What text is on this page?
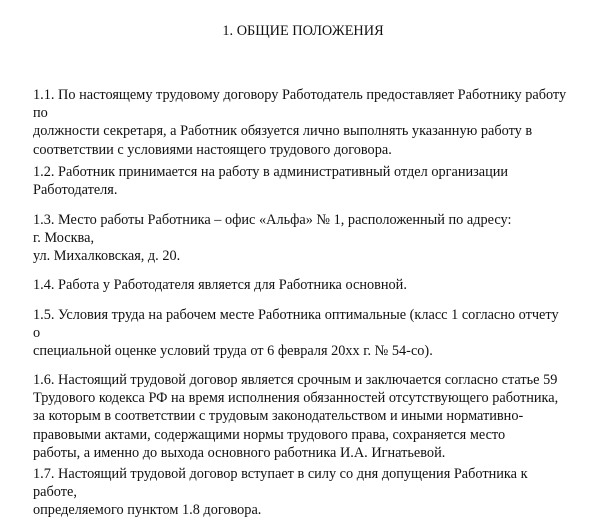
1. ОБЩИЕ ПОЛОЖЕНИЯ

1.1. По настоящему трудовому договору Работодатель предоставляет Работнику работу
по
должности секретаря, а Работник обязуется лично выполнять указанную работу в
соответствии с условиями настоящего трудового договора.

1.2. Работник принимается на работу в административный отдел организации
Работодателя.

1.3. Место работы Работника – офис «Альфа» № 1, расположенный по адресу:
г. Москва,
ул. Михалковская, д. 20.

1.4. Работа у Работодателя является для Работника основной.

1.5. Условия труда на рабочем месте Работника оптимальные (класс 1 согласно отчету
о
специальной оценке условий труда от 6 февраля 20хх г. № 54-со).

1.6. Настоящий трудовой договор является срочным и заключается согласно статье 59
Трудового кодекса РФ на время исполнения обязанностей отсутствующего работника,
за которым в соответствии с трудовым законодательством и иными нормативно-
правовыми актами, содержащими нормы трудового права, сохраняется место
работы, а именно до выхода основного работника И.А. Игнатьевой.

1.7. Настоящий трудовой договор вступает в силу со дня допущения Работника к
работе,
определяемого пунктом 1.8 договора.
